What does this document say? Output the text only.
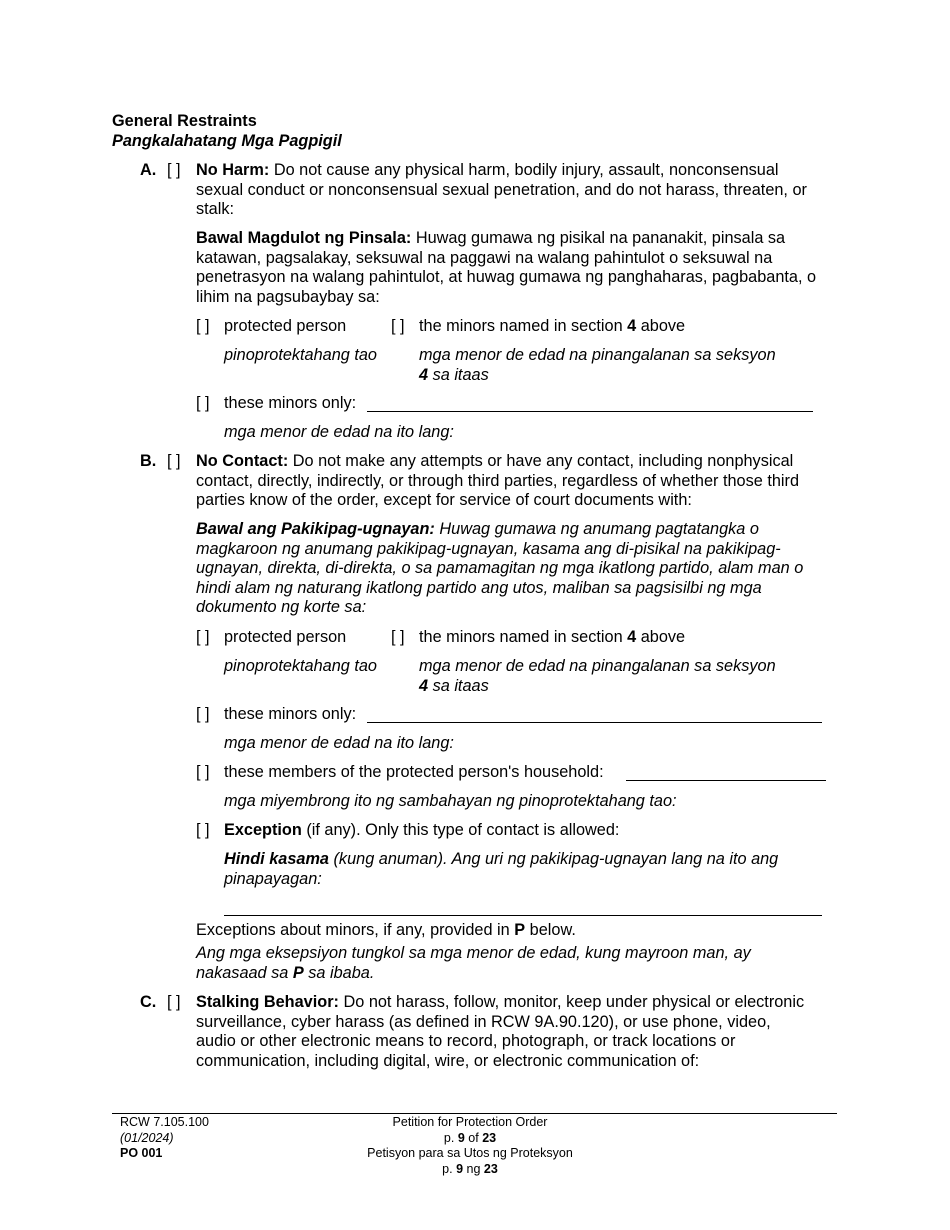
General Restraints
Pangkalahatang Mga Pagpigil
A. [ ] No Harm: Do not cause any physical harm, bodily injury, assault, nonconsensual
sexual conduct or nonconsensual sexual penetration, and do not harass, threaten, or
stalk:
Bawal Magdulot ng Pinsala: Huwag gumawa ng pisikal na pananakit, pinsala sa
katawan, pagsalakay, seksuwal na paggawi na walang pahintulot o seksuwal na
penetrasyon na walang pahintulot, at huwag gumawa ng panghaharas, pagbabanta, o
lihim na pagsubaybay sa:
[ ] protected person	[ ] the minors named in section 4 above
pinoprotektahang tao	mga menor de edad na pinangalanan sa seksyon
4 sa itaas
[ ] these minors only:
mga menor de edad na ito lang:
B. [ ] No Contact: Do not make any attempts or have any contact, including nonphysical
contact, directly, indirectly, or through third parties, regardless of whether those third
parties know of the order, except for service of court documents with:
Bawal ang Pakikipag-ugnayan: Huwag gumawa ng anumang pagtatangka o
magkaroon ng anumang pakikipag-ugnayan, kasama ang di-pisikal na pakikipag-
ugnayan, direkta, di-direkta, o sa pamamagitan ng mga ikatlong partido, alam man o
hindi alam ng naturang ikatlong partido ang utos, maliban sa pagsisilbi ng mga
dokumento ng korte sa:
[ ] protected person	[ ] the minors named in section 4 above
pinoprotektahang tao	mga menor de edad na pinangalanan sa seksyon
4 sa itaas
[ ] these minors only:
mga menor de edad na ito lang:
[ ] these members of the protected person's household:
mga miyembrong ito ng sambahayan ng pinoprotektahang tao:
[ ] Exception (if any). Only this type of contact is allowed:
Hindi kasama (kung anuman). Ang uri ng pakikipag-ugnayan lang na ito ang
pinapayagan:
Exceptions about minors, if any, provided in P below.
Ang mga eksepsiyon tungkol sa mga menor de edad, kung mayroon man, ay
nakasaad sa P sa ibaba.
C. [ ] Stalking Behavior: Do not harass, follow, monitor, keep under physical or electronic
surveillance, cyber harass (as defined in RCW 9A.90.120), or use phone, video,
audio or other electronic means to record, photograph, or track locations or
communication, including digital, wire, or electronic communication of:
RCW 7.105.100
(01/2024)
PO 001
Petition for Protection Order
p. 9 of 23
Petisyon para sa Utos ng Proteksyon
p. 9 ng 23
